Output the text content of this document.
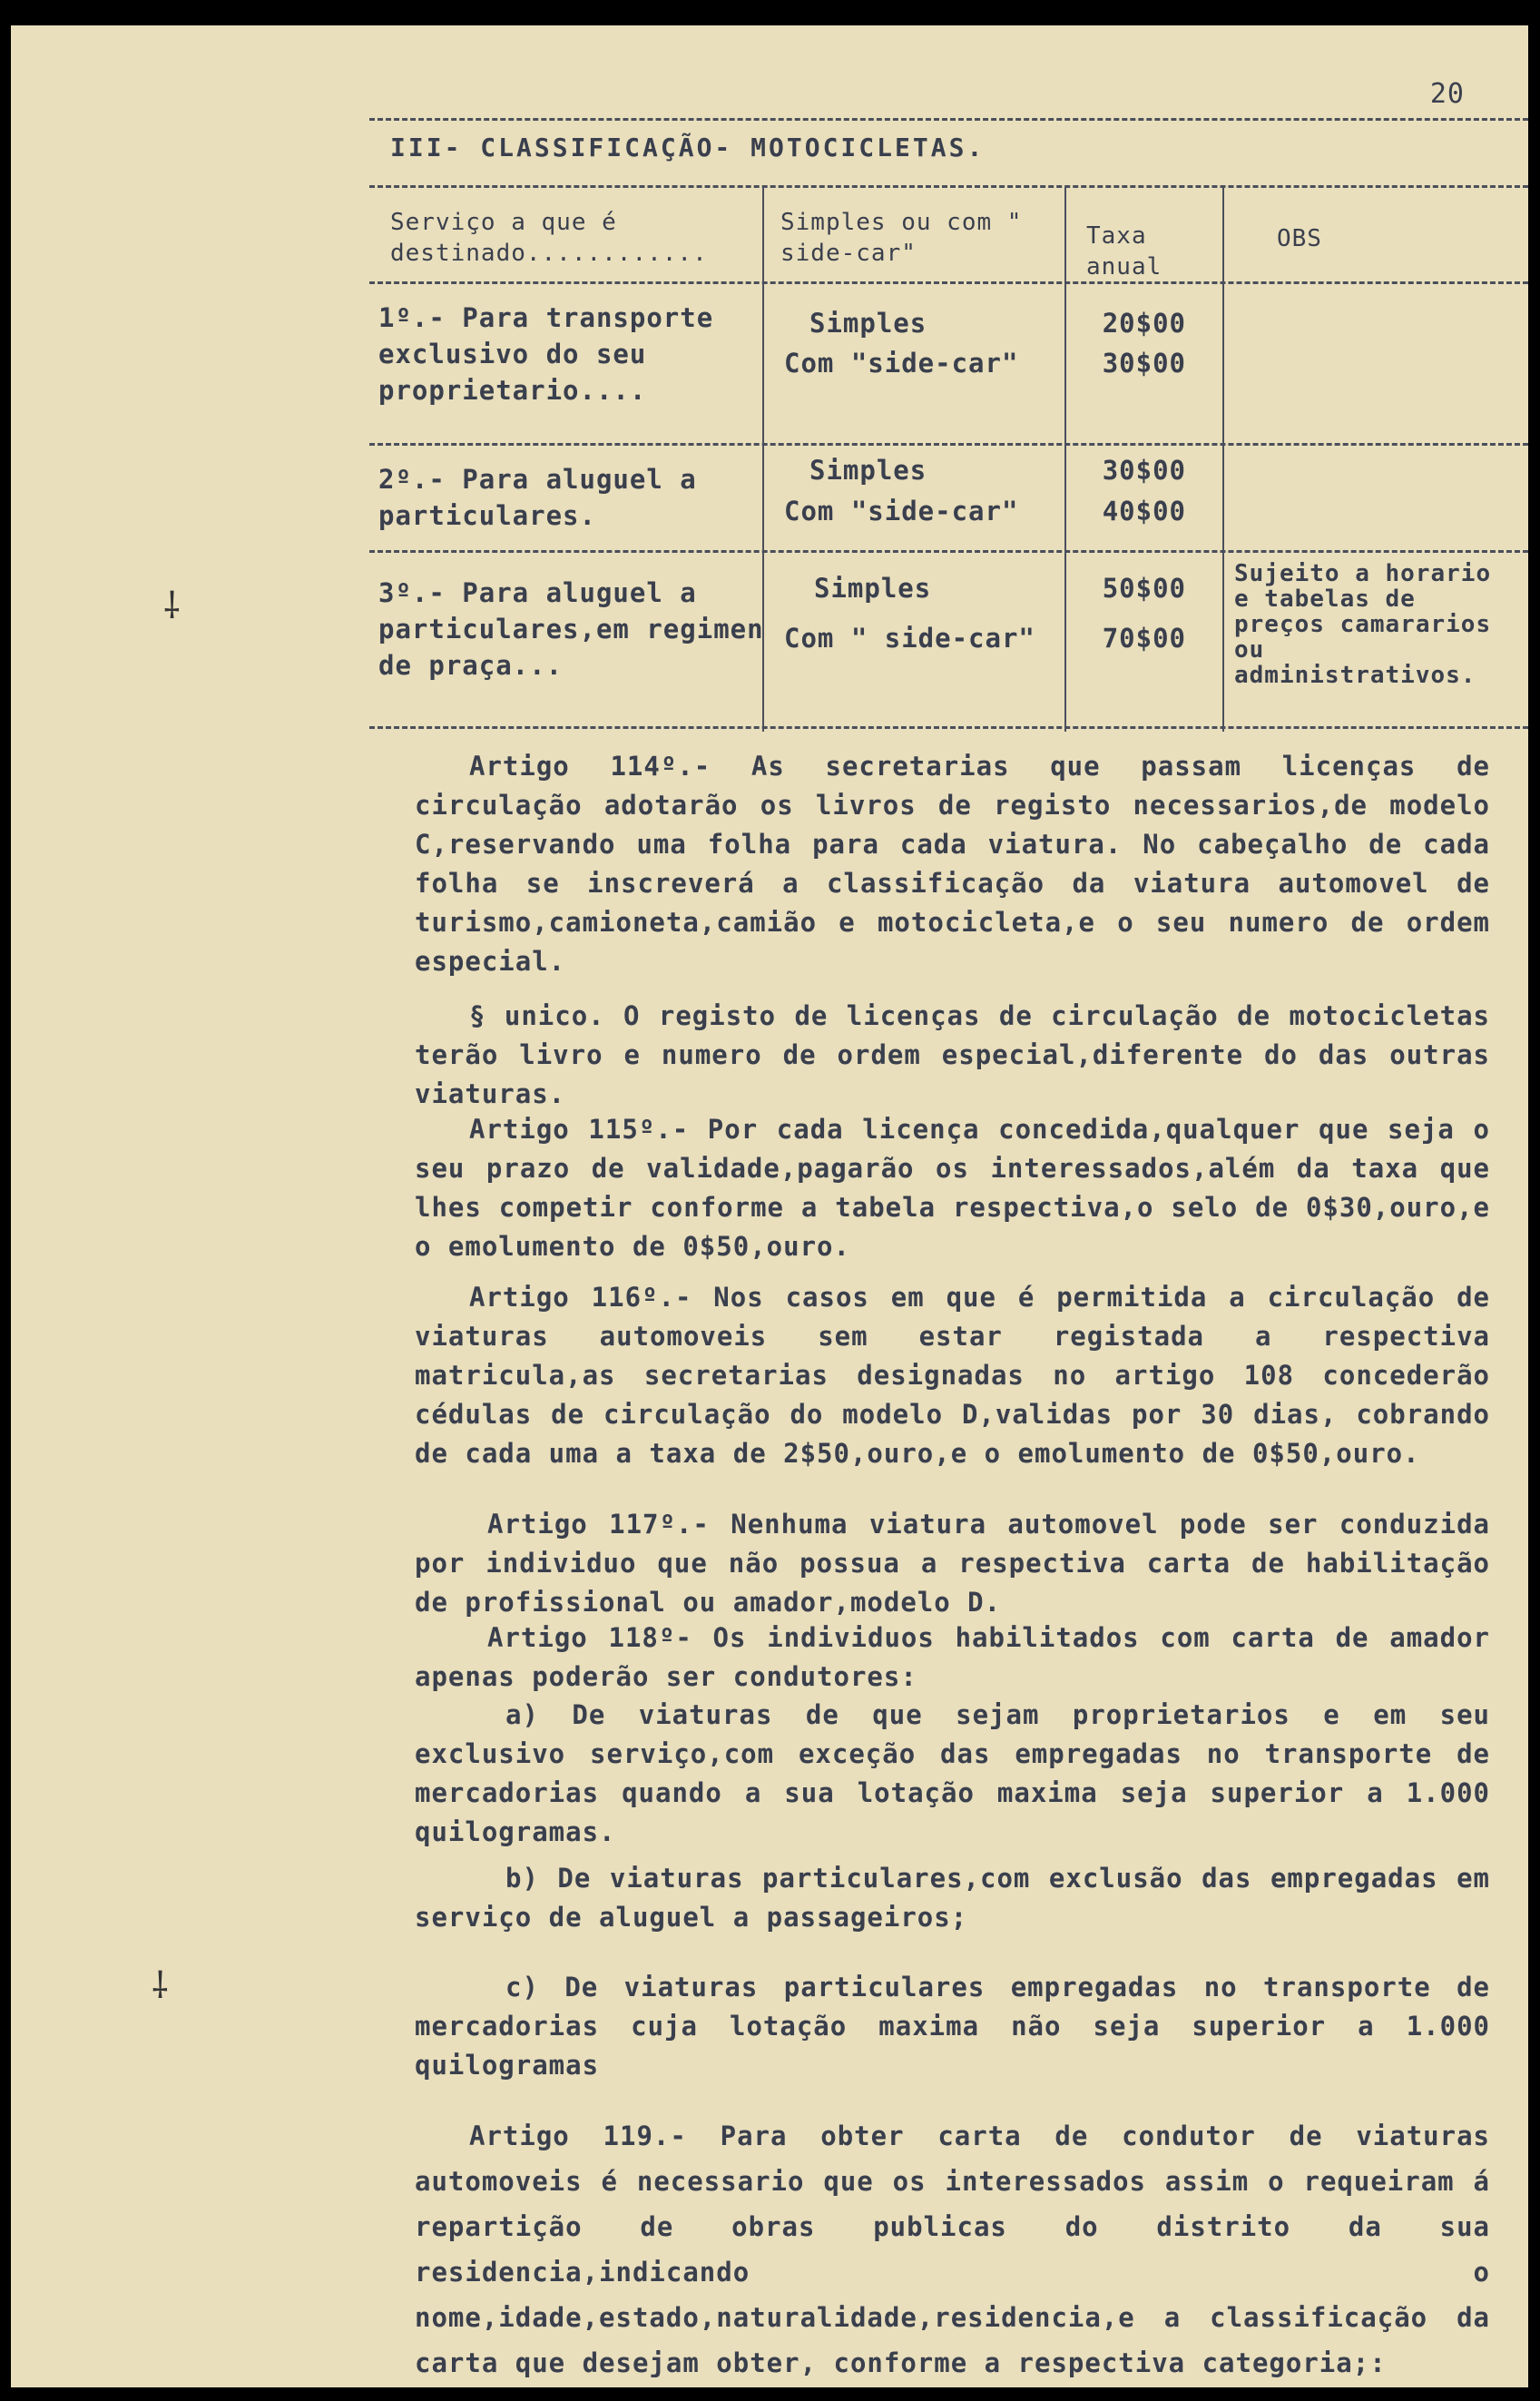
20
III- CLASSIFICAÇÃO- MOTOCICLETAS.
Serviço a que é destinado............
Simples ou com " side-car"
Taxa anual
OBS
1º.- Para transporte exclusivo do seu proprietario....
Simples
Com "side-car"
20$00
30$00
2º.- Para aluguel a particulares.
Simples
Com "side-car"
30$00
40$00
3º.- Para aluguel a particulares,em regimen de praça...
Simples
Com " side-car"
50$00
70$00
Sujeito a horario e tabelas de preços camararios ou administrativos.
Artigo 114º.- As secretarias que passam licenças de circulação adotarão os livros de registo necessarios,de modelo C,reservando uma folha para cada viatura. No cabeçalho de cada folha se inscreverá a classificação da viatura automovel de turismo,camioneta,camião e motocicleta,e o seu numero de ordem especial.
§ unico. O registo de licenças de circulação de motocicletas terão livro e numero de ordem especial,diferente do das outras viaturas.
Artigo 115º.- Por cada licença concedida,qualquer que seja o seu prazo de validade,pagarão os interessados,além da taxa que lhes competir conforme a tabela respectiva,o selo de 0$30,ouro,e o emolumento de 0$50,ouro.
Artigo 116º.- Nos casos em que é permitida a circulação de viaturas automoveis sem estar registada a respectiva matricula,as secretarias designadas no artigo 108 concederão cédulas de circulação do modelo D,validas por 30 dias, cobrando de cada uma a taxa de 2$50,ouro,e o emolumento de 0$50,ouro.
Artigo 117º.- Nenhuma viatura automovel pode ser conduzida por individuo que não possua a respectiva carta de habilitação de profissional ou amador,modelo D.
Artigo 118º- Os individuos habilitados com carta de amador apenas poderão ser condutores:
a) De viaturas de que sejam proprietarios e em seu exclusivo serviço,com exceção das empregadas no transporte de mercadorias quando a sua lotação maxima seja superior a 1.000 quilogramas.
b) De viaturas particulares,com exclusão das empregadas em serviço de aluguel a passageiros;
c) De viaturas particulares empregadas no transporte de mercadorias cuja lotação maxima não seja superior a 1.000 quilogramas
Artigo 119.- Para obter carta de condutor de viaturas automoveis é necessario que os interessados assim o requeiram á repartição de obras publicas do distrito da sua residencia,indicando o nome,idade,estado,naturalidade,residencia,e a classificação da carta que desejam obter, conforme a respectiva categoria;:
⸸
⸸
